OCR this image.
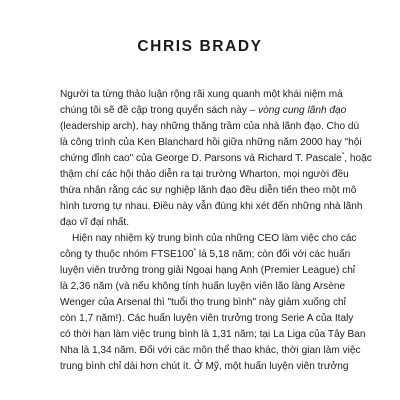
CHRIS BRADY
Người ta từng thảo luận rộng rãi xung quanh một khái niệm mà
chúng tôi sẽ đề cập trong quyển sách này – vòng cung lãnh đạo
(leadership arch), hay những thăng trầm của nhà lãnh đạo. Cho dù
là công trình của Ken Blanchard hồi giữa những năm 2000 hay "hội
chứng đỉnh cao" của George D. Parsons và Richard T. Pascale*, hoặc
thậm chí các hội thảo diễn ra tại trường Wharton, mọi người đều
thừa nhận rằng các sự nghiệp lãnh đạo đều diễn tiến theo một mô
hình tương tự nhau. Điều này vẫn đúng khi xét đến những nhà lãnh
đạo vĩ đại nhất.
Hiện nay nhiệm kỳ trung bình của những CEO làm việc cho các
công ty thuộc nhóm FTSE100* là 5,18 năm; còn đối với các huấn
luyện viên trưởng trong giải Ngoại hạng Anh (Premier League) chỉ
là 2,36 năm (và nếu không tính huấn luyện viên lão làng Arsène
Wenger của Arsenal thì "tuổi thọ trung bình" này giảm xuống chỉ
còn 1,7 năm!). Các huấn luyện viên trưởng trong Serie A của Italy
có thời hạn làm việc trung bình là 1,31 năm; tại La Liga của Tây Ban
Nha là 1,34 năm. Đối với các môn thể thao khác, thời gian làm việc
trung bình chỉ dài hơn chút ít. Ở Mỹ, một huấn luyện viên trưởng
